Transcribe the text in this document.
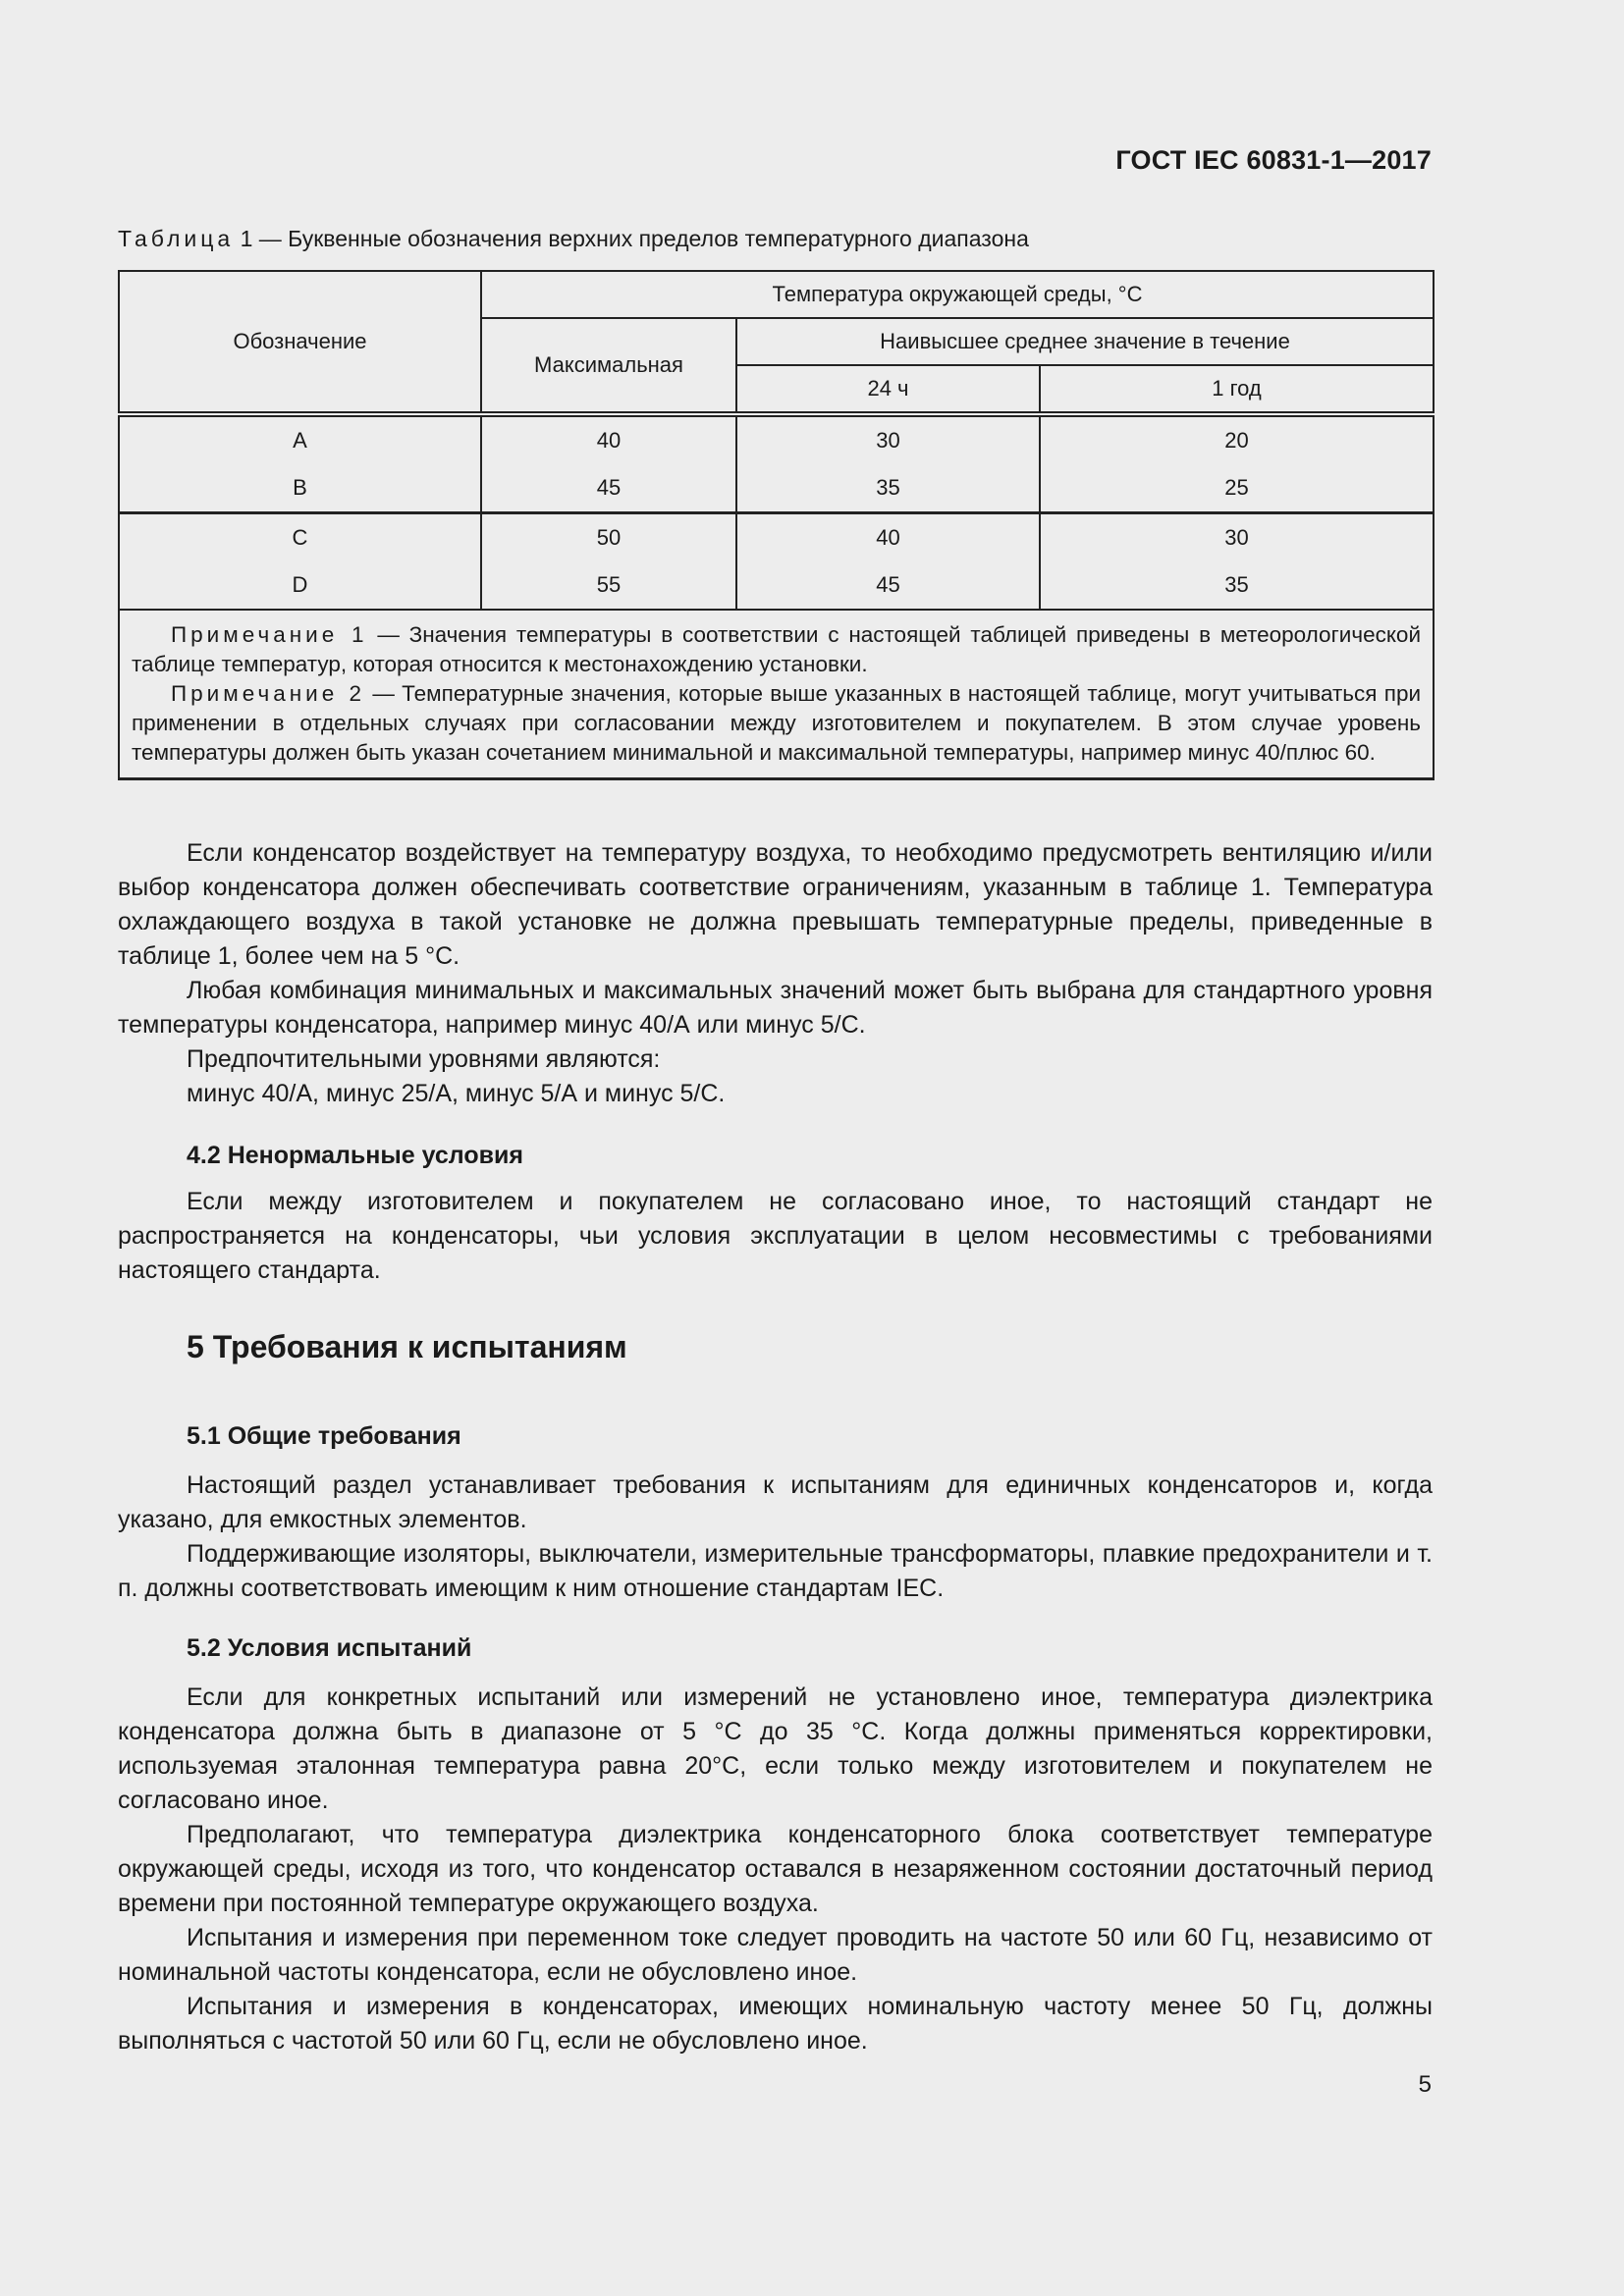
ГОСТ IEC 60831-1—2017
Таблица 1 — Буквенные обозначения верхних пределов температурного диапазона
Обозначение	Температура окружающей среды, °С		
	Максимальная	Наивысшее среднее значение в течение	
		24 ч	1 год
A	40	30	20
B	45	35	25
C	50	40	30
D	55	45	35

Примечание 1 — Значения температуры в соответствии с настоящей таблицей приведены в метеорологической таблице температур, которая относится к местонахождению установки.

Примечание 2 — Температурные значения, которые выше указанных в настоящей таблице, могут учитываться при применении в отдельных случаях при согласовании между изготовителем и покупателем. В этом случае уровень температуры должен быть указан сочетанием минимальной и максимальной температуры, например минус 40/плюс 60.			

Если конденсатор воздействует на температуру воздуха, то необходимо предусмотреть вентиляцию и/или выбор конденсатора должен обеспечивать соответствие ограничениям, указанным в таблице 1. Температура охлаждающего воздуха в такой установке не должна превышать температурные пределы, приведенные в таблице 1, более чем на 5 °С.

Любая комбинация минимальных и максимальных значений может быть выбрана для стандартного уровня температуры конденсатора, например минус 40/А или минус 5/С.

Предпочтительными уровнями являются:

минус 40/А, минус 25/А, минус 5/А и минус 5/С.

4.2 Ненормальные условия

Если между изготовителем и покупателем не согласовано иное, то настоящий стандарт не распространяется на конденсаторы, чьи условия эксплуатации в целом несовместимы с требованиями настоящего стандарта.

5 Требования к испытаниям
5.1 Общие требования

Настоящий раздел устанавливает требования к испытаниям для единичных конденсаторов и, когда указано, для емкостных элементов.

Поддерживающие изоляторы, выключатели, измерительные трансформаторы, плавкие предохранители и т. п. должны соответствовать имеющим к ним отношение стандартам IEC.

5.2 Условия испытаний

Если для конкретных испытаний или измерений не установлено иное, температура диэлектрика конденсатора должна быть в диапазоне от 5 °С до 35 °С. Когда должны применяться корректировки, используемая эталонная температура равна 20°С, если только между изготовителем и покупателем не согласовано иное.

Предполагают, что температура диэлектрика конденсаторного блока соответствует температуре окружающей среды, исходя из того, что конденсатор оставался в незаряженном состоянии достаточный период времени при постоянной температуре окружающего воздуха.

Испытания и измерения при переменном токе следует проводить на частоте 50 или 60 Гц, независимо от номинальной частоты конденсатора, если не обусловлено иное.

Испытания и измерения в конденсаторах, имеющих номинальную частоту менее 50 Гц, должны выполняться с частотой 50 или 60 Гц, если не обусловлено иное.

5
